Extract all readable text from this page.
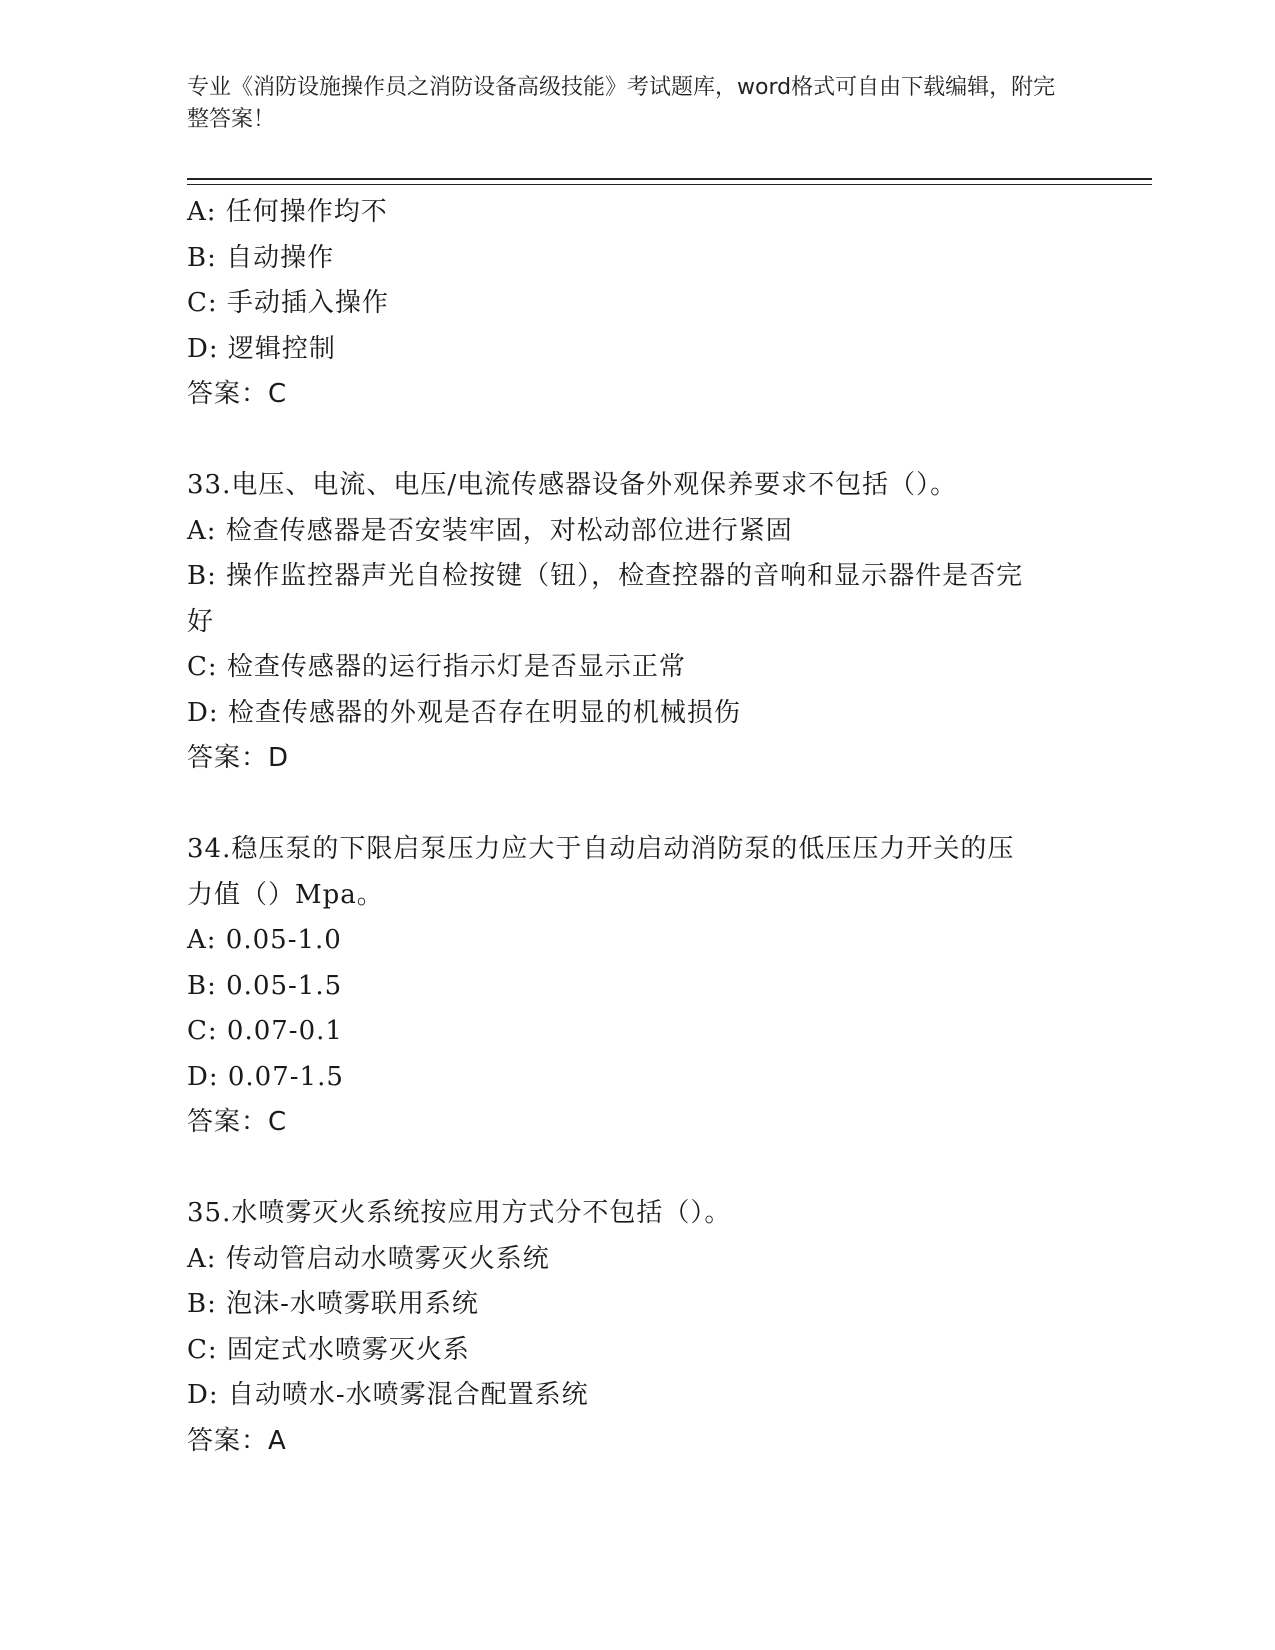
专业《消防设施操作员之消防设备高级技能》考试题库，word格式可自由下载编辑，附完整答案！
A: 任何操作均不
B: 自动操作
C: 手动插入操作
D: 逻辑控制
答案：C
33.电压、电流、电压/电流传感器设备外观保养要求不包括（）。
A: 检查传感器是否安装牢固，对松动部位进行紧固
B: 操作监控器声光自检按键（钮），检查控器的音响和显示器件是否完好
C: 检查传感器的运行指示灯是否显示正常
D: 检查传感器的外观是否存在明显的机械损伤
答案：D
34.稳压泵的下限启泵压力应大于自动启动消防泵的低压压力开关的压力值（）Mpa。
A: 0.05-1.0
B: 0.05-1.5
C: 0.07-0.1
D: 0.07-1.5
答案：C
35.水喷雾灭火系统按应用方式分不包括（）。
A: 传动管启动水喷雾灭火系统
B: 泡沫-水喷雾联用系统
C: 固定式水喷雾灭火系
D: 自动喷水-水喷雾混合配置系统
答案：A
